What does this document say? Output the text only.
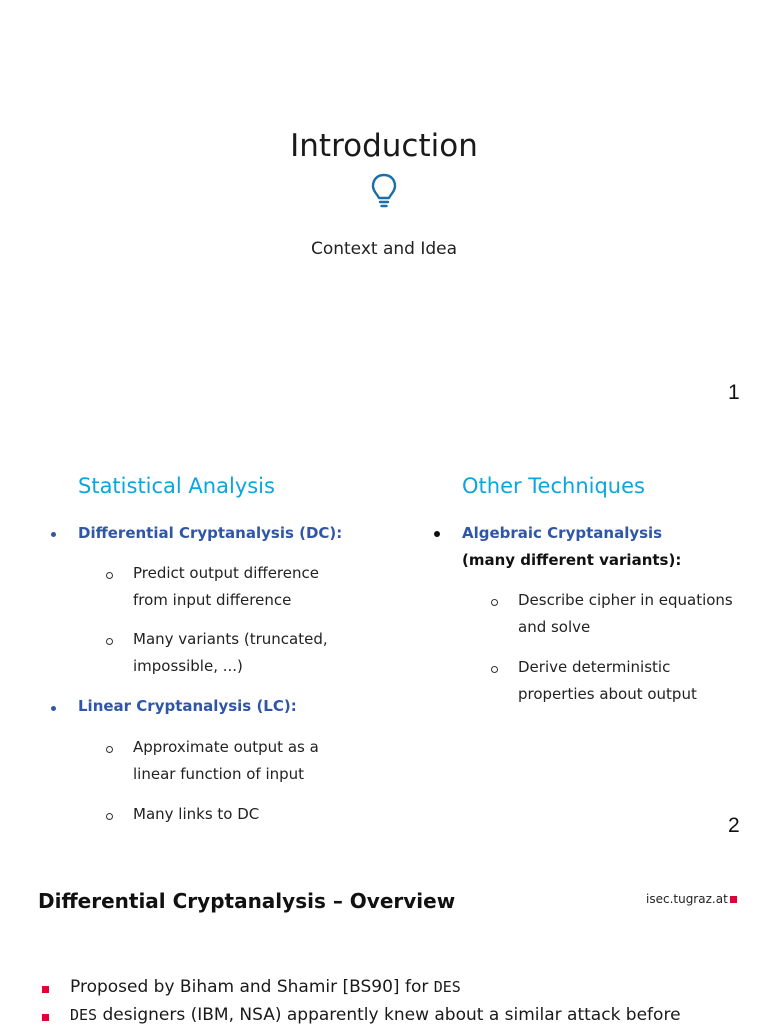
Introduction
Context and Idea
1
Statistical Analysis	Other Techniques
Differential Cryptanalysis (DC):
Predict output difference
from input difference
Many variants (truncated,
impossible, ...)
Linear Cryptanalysis (LC):
Approximate output as a
linear function of input
Many links to DC
Algebraic Cryptanalysis
(many different variants):
Describe cipher in equations
and solve
Derive deterministic
properties about output
2
Differential Cryptanalysis – Overview	isec.tugraz.at
Proposed by Biham and Shamir [BS90] for DES
DES designers (IBM, NSA) apparently knew about a similar attack before
